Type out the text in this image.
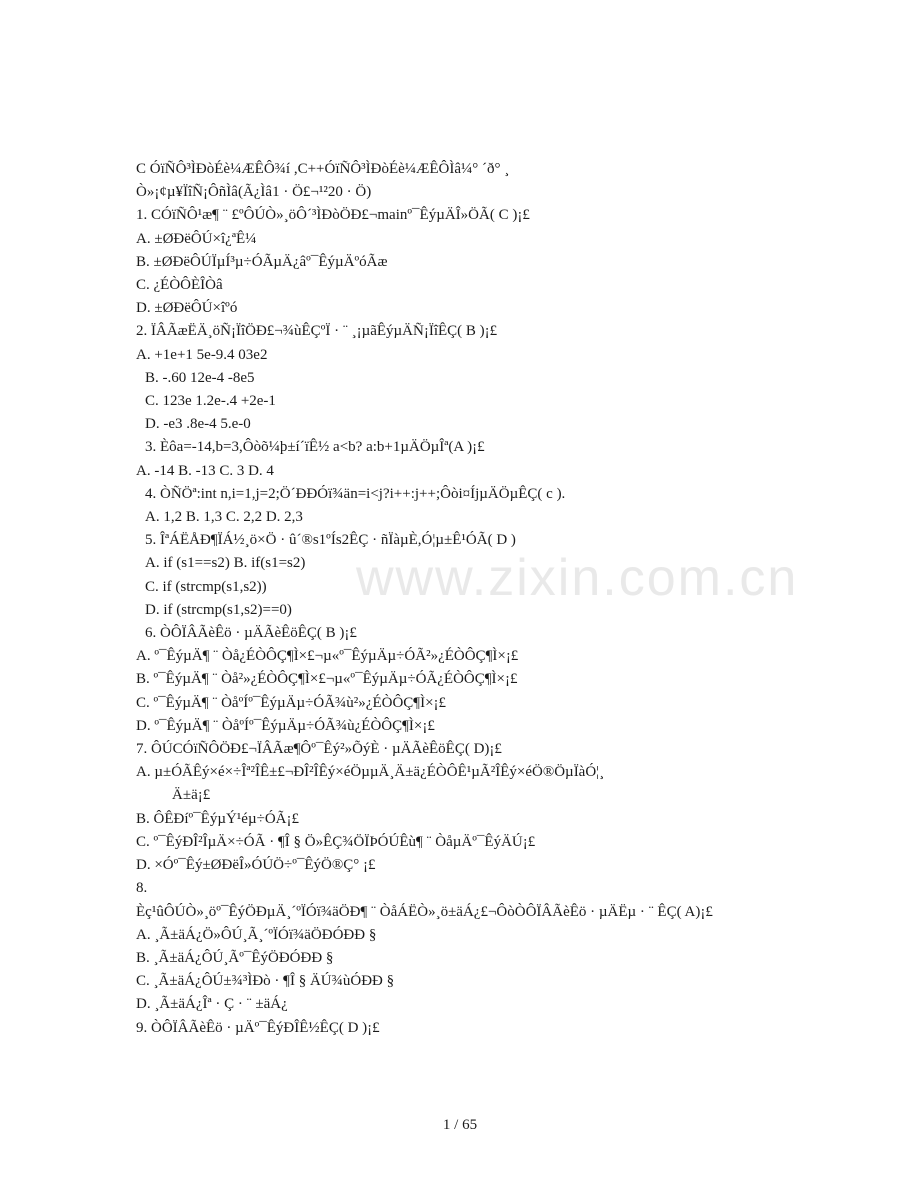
C ÓïÑÔ³ÌÐòÉè¼ÆÊÔ¾í ,C++ÓïÑÔ³ÌÐòÉè¼ÆÊÔÌâ¼° ´ð° ¸
Ò»¡¢µ¥ÏîÑ¡ÔñÌâ(Ã¿Ìâ1 · Ö£¬¹²20 · Ö)
1. CÓïÑÔ¹æ¶ ¨ £ºÔÚÒ»¸öÔ´³ÌÐòÖÐ£¬mainº¯ÊýµÄÎ»ÖÃ( C )¡£
A. ±ØÐëÔÚ×î¿ªÊ¼
B. ±ØÐëÔÚÏµÍ³µ÷ÓÃµÄ¿âº¯ÊýµÄºóÃæ
C. ¿ÉÒÔÈÎÒâ
D. ±ØÐëÔÚ×îºó
2. ÏÂÃæËÄ¸öÑ¡ÏîÖÐ£¬¾ùÊÇºÏ · ¨ ¸¡µãÊýµÄÑ¡ÏîÊÇ( B )¡£
A. +1e+1 5e-9.4 03e2
B. -.60 12e-4 -8e5
C. 123e 1.2e-.4 +2e-1
D. -e3 .8e-4 5.e-0
3. Èôa=-14,b=3,Ôòõ¼þ±í´ïÊ½ a<b? a:b+1µÄÖµÎª(A )¡£
A. -14 B. -13 C. 3 D. 4
4. ÒÑÖª:int n,i=1,j=2;Ö´ÐÐÓï¾än=i<j?i++:j++;Ôòi¤ÍjµÄÖµÊÇ( c ).
A. 1,2 B. 1,3 C. 2,2 D. 2,3
5. ÎªÁËÅÐ¶ÏÁ½¸ö×Ö · û´®s1ºÍs2ÊÇ · ñÏàµÈ,Ó¦µ±Ê¹ÓÃ( D )
A. if (s1==s2) B. if(s1=s2)
C. if (strcmp(s1,s2))
D. if (strcmp(s1,s2)==0)
6. ÒÔÏÂÃèÊö · µÄÃèÊöÊÇ( B )¡£
A. º¯ÊýµÄ¶ ¨ Òå¿ÉÒÔÇ¶Ì×£¬µ«º¯ÊýµÄµ÷ÓÃ²»¿ÉÒÔÇ¶Ì×¡£
B. º¯ÊýµÄ¶ ¨ Òå²»¿ÉÒÔÇ¶Ì×£¬µ«º¯ÊýµÄµ÷ÓÃ¿ÉÒÔÇ¶Ì×¡£
C. º¯ÊýµÄ¶ ¨ ÒåºÍº¯ÊýµÄµ÷ÓÃ¾ù²»¿ÉÒÔÇ¶Ì×¡£
D. º¯ÊýµÄ¶ ¨ ÒåºÍº¯ÊýµÄµ÷ÓÃ¾ù¿ÉÒÔÇ¶Ì×¡£
7. ÔÚCÓïÑÔÖÐ£¬ÏÂÃæ¶Ôº¯Êý²»ÕýÈ · µÄÃèÊöÊÇ( D)¡£
A. µ±ÓÃÊý×é×÷Îª²ÎÊ±£¬ÐÎ²ÎÊý×éÖµµÄ¸Ä±ä¿ÉÒÔÊ¹µÃ²ÎÊý×éÖ®ÖµÏàÓ¦¸
Ä±ä¡£
B. ÔÊÐíº¯ÊýµÝ¹éµ÷ÓÃ¡£
C. º¯ÊýÐÎ²ÎµÄ×÷ÓÃ · ¶Î § Ö»ÊÇ¾ÖÏÞÓÚÊù¶ ¨ ÒåµÄº¯ÊýÄÚ¡£
D. ×Óº¯Êý±ØÐëÎ»ÓÚÖ÷º¯ÊýÖ®Ç° ¡£
8.
Èç¹ûÔÚÒ»¸öº¯ÊýÖÐµÄ¸´ºÏÓï¾äÖÐ¶ ¨ ÒåÁËÒ»¸ö±äÁ¿£¬ÔòÒÔÏÂÃèÊö · µÄËµ · ¨ ÊÇ( A)¡£
A. ¸Ã±äÁ¿Ö»ÔÚ¸Ã¸´ºÏÓï¾äÖÐÓÐÐ §
B. ¸Ã±äÁ¿ÔÚ¸Ãº¯ÊýÖÐÓÐÐ §
C. ¸Ã±äÁ¿ÔÚ±¾³ÌÐò · ¶Î § ÄÚ¾ùÓÐÐ §
D. ¸Ã±äÁ¿Îª · Ç · ¨ ±äÁ¿
9. ÒÔÏÂÃèÊö · µÄº¯ÊýÐÎÊ½ÊÇ( D )¡£
www.zixin.com.cn
1 / 65
